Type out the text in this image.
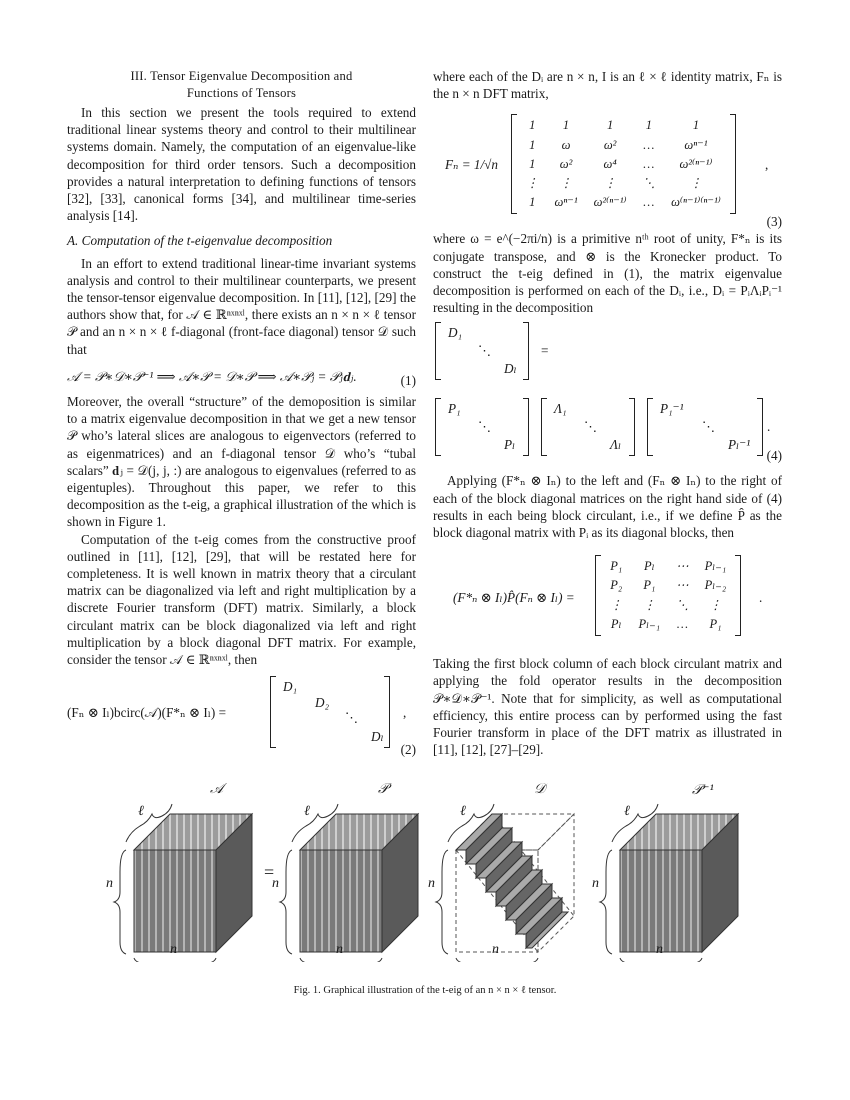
III. Tensor Eigenvalue Decomposition and
Functions of Tensors

In this section we present the tools required to extend traditional linear systems theory and control to their multilinear systems domain. Namely, the computation of an eigenvalue-like decomposition for third order tensors. Such a decomposition provides a natural interpretation to defining functions of tensors [32], [33], canonical forms [34], and multilinear time-series analysis [14].

A. Computation of the t-eigenvalue decomposition

In an effort to extend traditional linear-time invariant systems analysis and control to their multilinear counterparts, we present the tensor-tensor eigenvalue decomposition. In [11], [12], [29] the authors show that, for 𝒜 ∈ ℝⁿˣⁿˣˡ, there exists an n × n × ℓ tensor 𝒫 and an n × n × ℓ f-diagonal (front-face diagonal) tensor 𝒟 such that

𝒜 = 𝒫∗𝒟∗𝒫⁻¹ ⟹ 𝒜∗𝒫 = 𝒟∗𝒫 ⟹ 𝒜∗𝒫ⱼ = 𝒫ⱼ𝐝ⱼ.	(1)

Moreover, the overall “structure” of the demoposition is similar to a matrix eigenvalue decomposition in that we get a new tensor 𝒫 who’s lateral slices are analogous to eigenvectors (referred to as eigenmatrices) and an f-diagonal tensor 𝒟 who’s “tubal scalars” 𝐝ⱼ = 𝒟(j, j, :) are analogous to eigenvalues (referred to as eigentuples). Throughout this paper, we refer to this decomposition as the t-eig, a graphical illustration of the which is shown in Figure 1.

Computation of the t-eig comes from the constructive proof outlined in [11], [12], [29], that will be restated here for completeness. It is well known in matrix theory that a circulant matrix can be diagonalized via left and right multiplication by a discrete Fourier transform (DFT) matrix. Similarly, a block circulant matrix can be block diagonalized via left and right multiplication by a block diagonal DFT matrix. For example, consider the tensor 𝒜 ∈ ℝⁿˣⁿˣˡ, then

(Fₙ ⊗ Iₗ)bcirc(𝒜)(F*ₙ ⊗ Iₗ) =
D₁
D₂
⋱
Dₗ
,
(2)

where each of the Dᵢ are n × n, I is an ℓ × ℓ identity matrix, Fₙ is the n × n DFT matrix,

Fₙ = 1/√n
1	1	1	1	1
1	ω	ω²	…	ωⁿ⁻¹
1	ω²	ω⁴	…	ω²⁽ⁿ⁻¹⁾
⋮	⋮	⋮	⋱	⋮
1	ωⁿ⁻¹	ω²⁽ⁿ⁻¹⁾	…	ω⁽ⁿ⁻¹⁾⁽ⁿ⁻¹⁾
,
(3)

where ω = e^(−2πi/n) is a primitive nᵗʰ root of unity, F*ₙ is its conjugate transpose, and ⊗ is the Kronecker product. To construct the t-eig defined in (1), the matrix eigenvalue decomposition is performed on each of the Dᵢ, i.e., Dᵢ = PᵢΛᵢPᵢ⁻¹ resulting in the decomposition

D₁
⋱
Dₗ
=
P₁
⋱
Pₗ
Λ₁
⋱
Λₗ
P₁⁻¹
⋱
Pₗ⁻¹
.
(4)

Applying (F*ₙ ⊗ Iₙ) to the left and (Fₙ ⊗ Iₙ) to the right of each of the block diagonal matrices on the right hand side of (4) results in each being block circulant, i.e., if we define P̂ as the block diagonal matrix with Pᵢ as its diagonal blocks, then

(F*ₙ ⊗ Iₗ)P̂(Fₙ ⊗ Iₗ) =
P₁	Pₗ	⋯	Pₗ₋₁
P₂	P₁	⋯	Pₗ₋₂
⋮	⋮	⋱	⋮
Pₗ	Pₗ₋₁	…	P₁
.

Taking the first block column of each block circulant matrix and applying the fold operator results in the decomposition 𝒫∗𝒟∗𝒫⁻¹. Note that for simplicity, as well as computational efficiency, this entire process can by performed using the fast Fourier transform in place of the DFT matrix as illustrated in [11], [12], [27]–[29].

𝒜	𝒫	𝒟	𝒫⁻¹
=
ℓ
n
n
ℓ
n
n
ℓ
n
n
ℓ
n
n
Fig. 1. Graphical illustration of the t-eig of an n × n × ℓ tensor.
